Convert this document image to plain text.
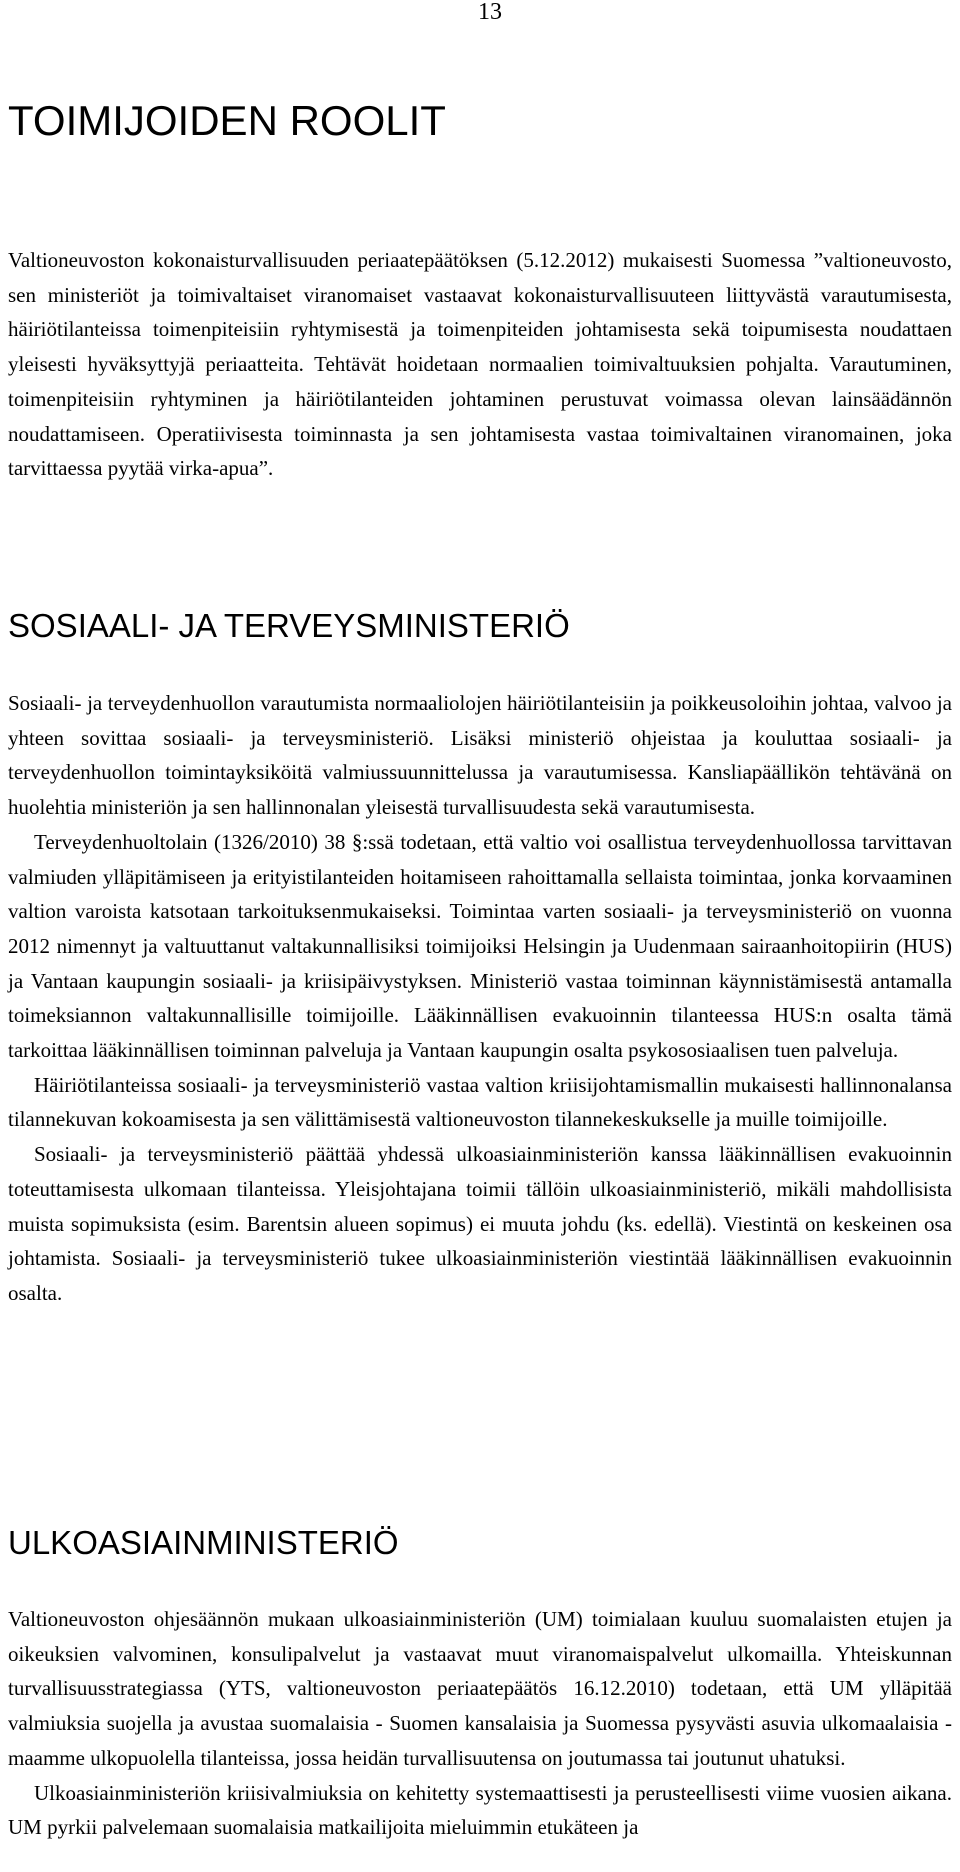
13
TOIMIJOIDEN ROOLIT

Valtioneuvoston kokonaisturvallisuuden periaatepäätöksen (5.12.2012) mukaisesti Suomessa ”valtioneuvosto, sen ministeriöt ja toimivaltaiset viranomaiset vastaavat kokonaisturvallisuuteen liittyvästä varautumisesta, häiriötilanteissa toimenpiteisiin ryhtymisestä ja toimenpiteiden johtamisesta sekä toipumisesta noudattaen yleisesti hyväksyttyjä periaatteita. Tehtävät hoidetaan normaalien toimivaltuuksien pohjalta. Varautuminen, toimenpiteisiin ryhtyminen ja häiriötilanteiden johtaminen perustuvat voimassa olevan lainsäädännön noudattamiseen. Operatiivisesta toiminnasta ja sen johtamisesta vastaa toimivaltainen viranomainen, joka tarvittaessa pyytää virka-apua”.

SOSIAALI- JA TERVEYSMINISTERIÖ

Sosiaali- ja terveydenhuollon varautumista normaaliolojen häiriötilanteisiin ja poikkeusoloihin johtaa, valvoo ja yhteen sovittaa sosiaali- ja terveysministeriö. Lisäksi ministeriö ohjeistaa ja kouluttaa sosiaali- ja terveydenhuollon toimintayksiköitä valmiussuunnittelussa ja varautumisessa. Kansliapäällikön tehtävänä on huolehtia ministeriön ja sen hallinnonalan yleisestä turvallisuudesta sekä varautumisesta.

Terveydenhuoltolain (1326/2010) 38 §:ssä todetaan, että valtio voi osallistua terveydenhuollossa tarvittavan valmiuden ylläpitämiseen ja erityistilanteiden hoitamiseen rahoittamalla sellaista toimintaa, jonka korvaaminen valtion varoista katsotaan tarkoituksenmukaiseksi. Toimintaa varten sosiaali- ja terveysministeriö on vuonna 2012 nimennyt ja valtuuttanut valtakunnallisiksi toimijoiksi Helsingin ja Uudenmaan sairaanhoitopiirin (HUS) ja Vantaan kaupungin sosiaali- ja kriisipäivystyksen. Ministeriö vastaa toiminnan käynnistämisestä antamalla toimeksiannon valtakunnallisille toimijoille. Lääkinnällisen evakuoinnin tilanteessa HUS:n osalta tämä tarkoittaa lääkinnällisen toiminnan palveluja ja Vantaan kaupungin osalta psykososiaalisen tuen palveluja.

Häiriötilanteissa sosiaali- ja terveysministeriö vastaa valtion kriisijohtamismallin mukaisesti hallinnonalansa tilannekuvan kokoamisesta ja sen välittämisestä valtioneuvoston tilannekeskukselle ja muille toimijoille.

Sosiaali- ja terveysministeriö päättää yhdessä ulkoasiainministeriön kanssa lääkinnällisen evakuoinnin toteuttamisesta ulkomaan tilanteissa. Yleisjohtajana toimii tällöin ulkoasiainministeriö, mikäli mahdollisista muista sopimuksista (esim. Barentsin alueen sopimus) ei muuta johdu (ks. edellä). Viestintä on keskeinen osa johtamista. Sosiaali- ja terveysministeriö tukee ulkoasiainministeriön viestintää lääkinnällisen evakuoinnin osalta.

ULKOASIAINMINISTERIÖ

Valtioneuvoston ohjesäännön mukaan ulkoasiainministeriön (UM) toimialaan kuuluu suomalaisten etujen ja oikeuksien valvominen, konsulipalvelut ja vastaavat muut viranomaispalvelut ulkomailla. Yhteiskunnan turvallisuusstrategiassa (YTS, valtioneuvoston periaatepäätös 16.12.2010) todetaan, että UM ylläpitää valmiuksia suojella ja avustaa suomalaisia - Suomen kansalaisia ja Suomessa pysyvästi asuvia ulkomaalaisia - maamme ulkopuolella tilanteissa, jossa heidän turvallisuutensa on joutumassa tai joutunut uhatuksi.

Ulkoasiainministeriön kriisivalmiuksia on kehitetty systemaattisesti ja perusteellisesti viime vuosien aikana. UM pyrkii palvelemaan suomalaisia matkailijoita mieluimmin etukäteen ja
